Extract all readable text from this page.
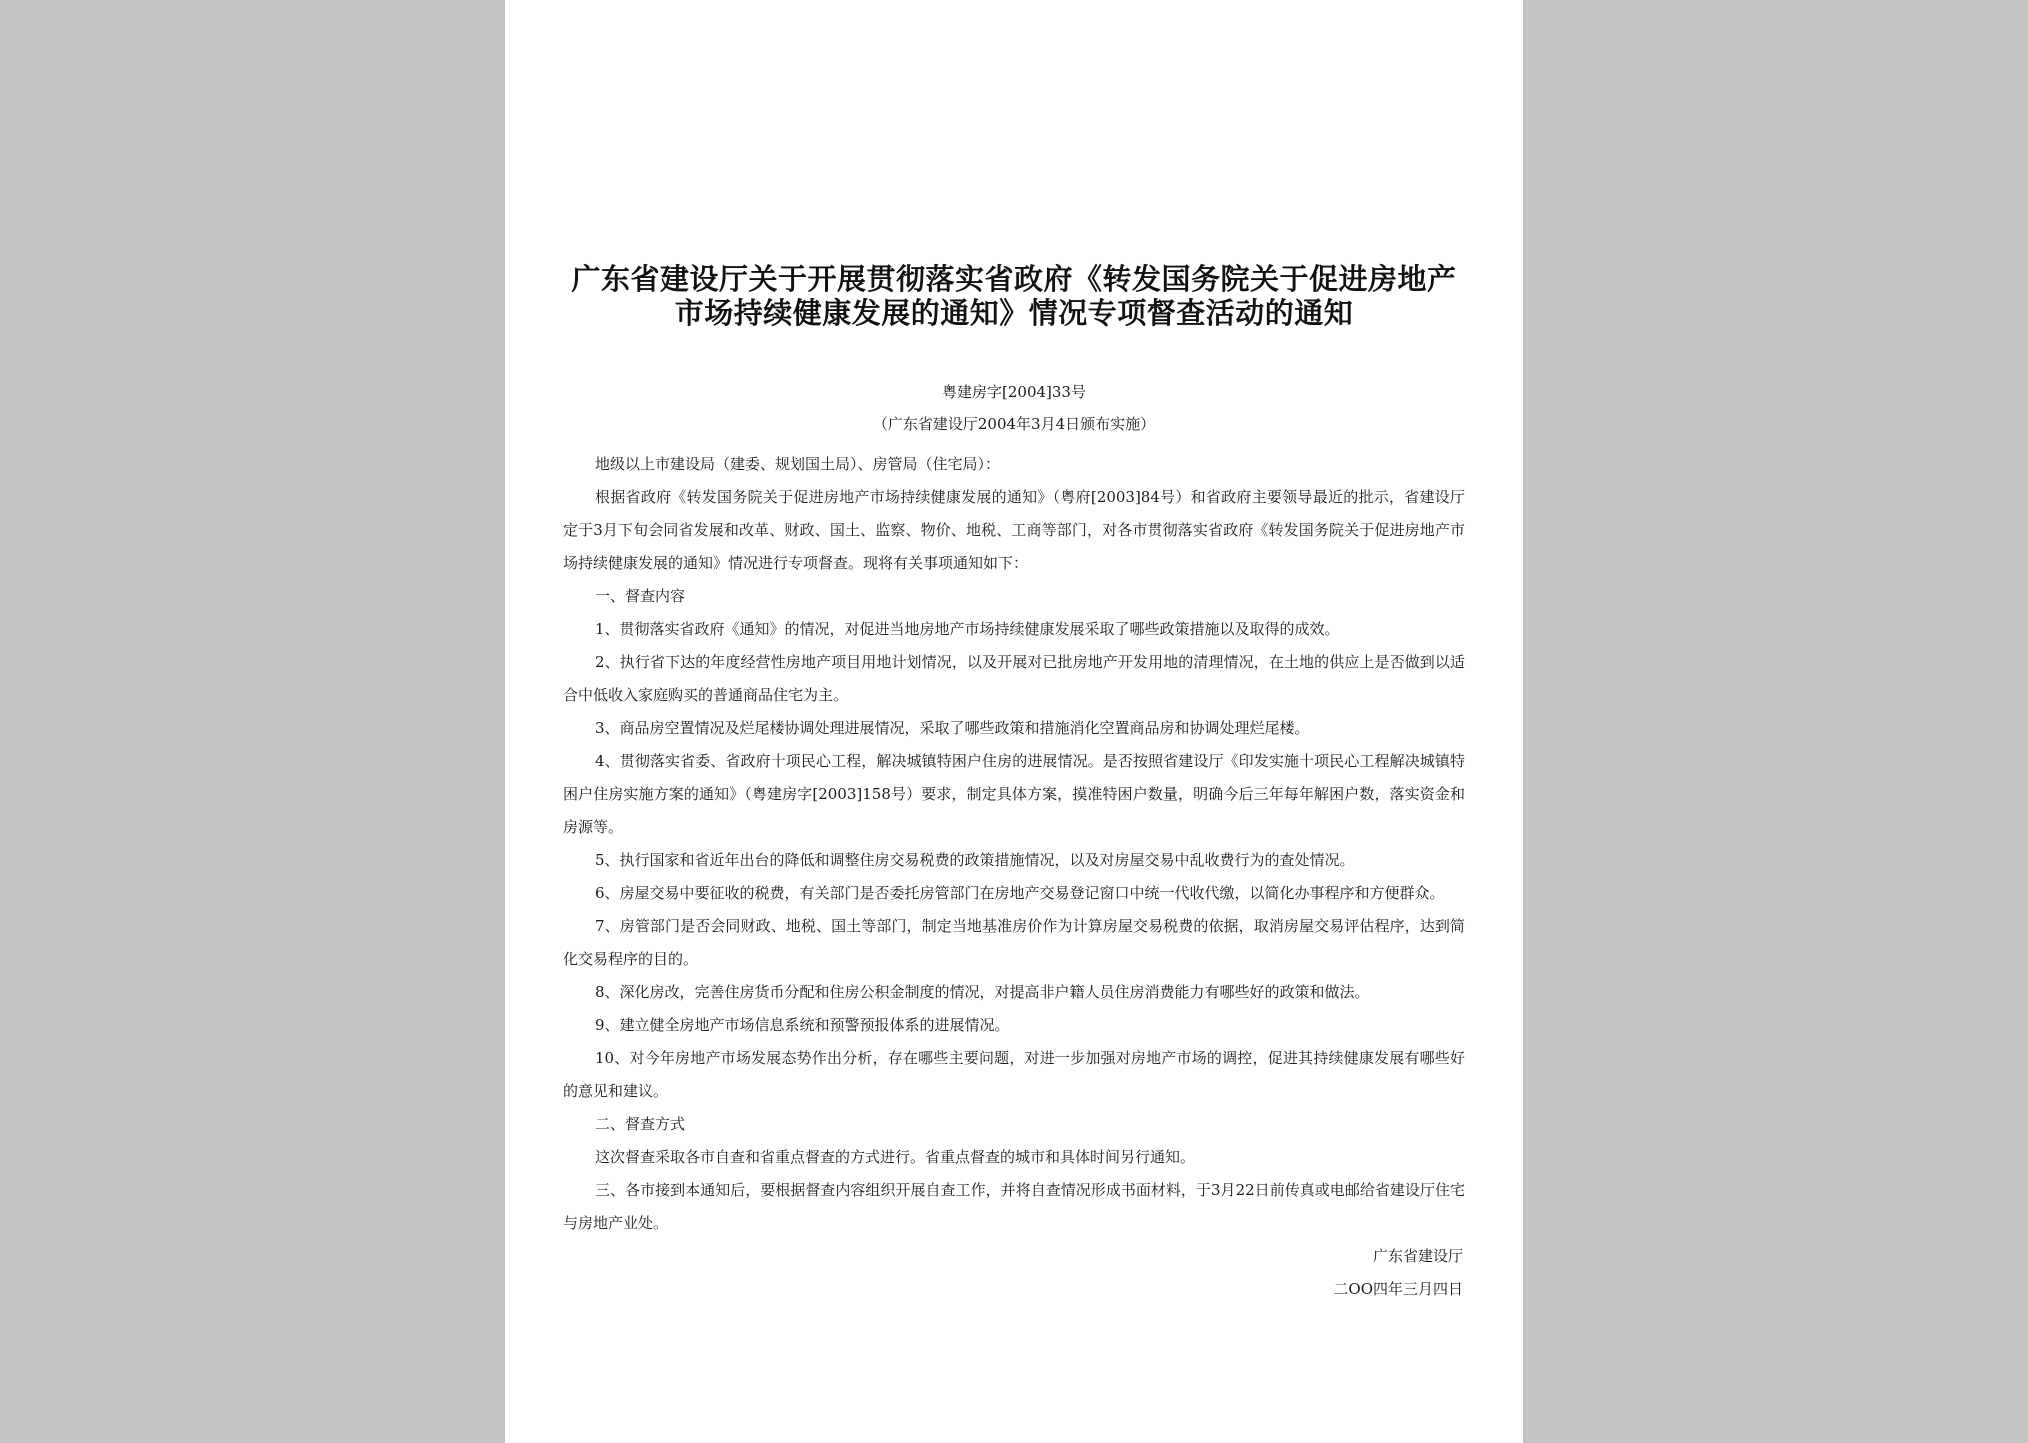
广东省建设厅关于开展贯彻落实省政府《转发国务院关于促进房地产市场持续健康发展的通知》情况专项督查活动的通知
粤建房字[2004]33号
（广东省建设厅2004年3月4日颁布实施）

地级以上市建设局（建委、规划国土局）、房管局（住宅局）：

根据省政府《转发国务院关于促进房地产市场持续健康发展的通知》（粤府[2003]84号）和省政府主要领导最近的批示，省建设厅定于3月下旬会同省发展和改革、财政、国土、监察、物价、地税、工商等部门，对各市贯彻落实省政府《转发国务院关于促进房地产市场持续健康发展的通知》情况进行专项督查。现将有关事项通知如下：

一、督查内容

1、贯彻落实省政府《通知》的情况，对促进当地房地产市场持续健康发展采取了哪些政策措施以及取得的成效。

2、执行省下达的年度经营性房地产项目用地计划情况，以及开展对已批房地产开发用地的清理情况，在土地的供应上是否做到以适合中低收入家庭购买的普通商品住宅为主。

3、商品房空置情况及烂尾楼协调处理进展情况，采取了哪些政策和措施消化空置商品房和协调处理烂尾楼。

4、贯彻落实省委、省政府十项民心工程，解决城镇特困户住房的进展情况。是否按照省建设厅《印发实施十项民心工程解决城镇特困户住房实施方案的通知》（粤建房字[2003]158号）要求，制定具体方案，摸准特困户数量，明确今后三年每年解困户数，落实资金和房源等。

5、执行国家和省近年出台的降低和调整住房交易税费的政策措施情况，以及对房屋交易中乱收费行为的查处情况。

6、房屋交易中要征收的税费，有关部门是否委托房管部门在房地产交易登记窗口中统一代收代缴，以简化办事程序和方便群众。

7、房管部门是否会同财政、地税、国土等部门，制定当地基准房价作为计算房屋交易税费的依据，取消房屋交易评估程序，达到简化交易程序的目的。

8、深化房改，完善住房货币分配和住房公积金制度的情况，对提高非户籍人员住房消费能力有哪些好的政策和做法。

9、建立健全房地产市场信息系统和预警预报体系的进展情况。

10、对今年房地产市场发展态势作出分析，存在哪些主要问题，对进一步加强对房地产市场的调控，促进其持续健康发展有哪些好的意见和建议。

二、督查方式

这次督查采取各市自查和省重点督查的方式进行。省重点督查的城市和具体时间另行通知。

三、各市接到本通知后，要根据督查内容组织开展自查工作，并将自查情况形成书面材料，于3月22日前传真或电邮给省建设厅住宅与房地产业处。

广东省建设厅
二OO四年三月四日
